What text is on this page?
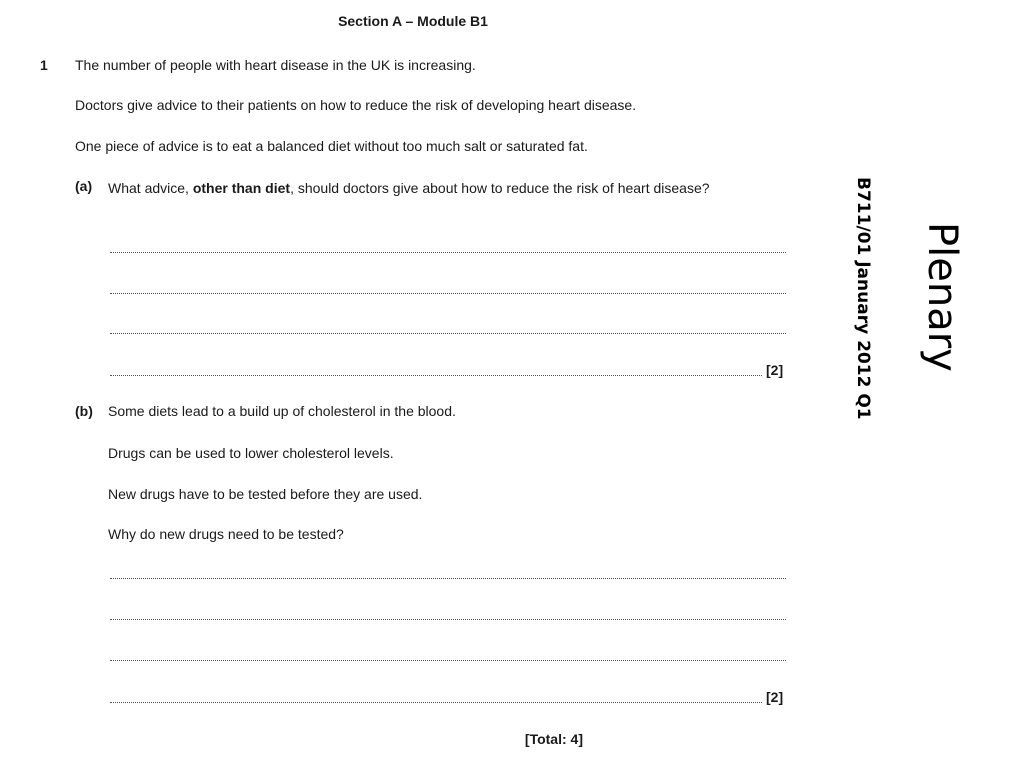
Section A – Module B1
1 The number of people with heart disease in the UK is increasing.
Doctors give advice to their patients on how to reduce the risk of developing heart disease.
One piece of advice is to eat a balanced diet without too much salt or saturated fat.
(a) What advice, other than diet, should doctors give about how to reduce the risk of heart disease?
[2]
(b) Some diets lead to a build up of cholesterol in the blood.
Drugs can be used to lower cholesterol levels.
New drugs have to be tested before they are used.
Why do new drugs need to be tested?
[2]
[Total: 4]
B711/01 January 2012 Q1 Plenary
